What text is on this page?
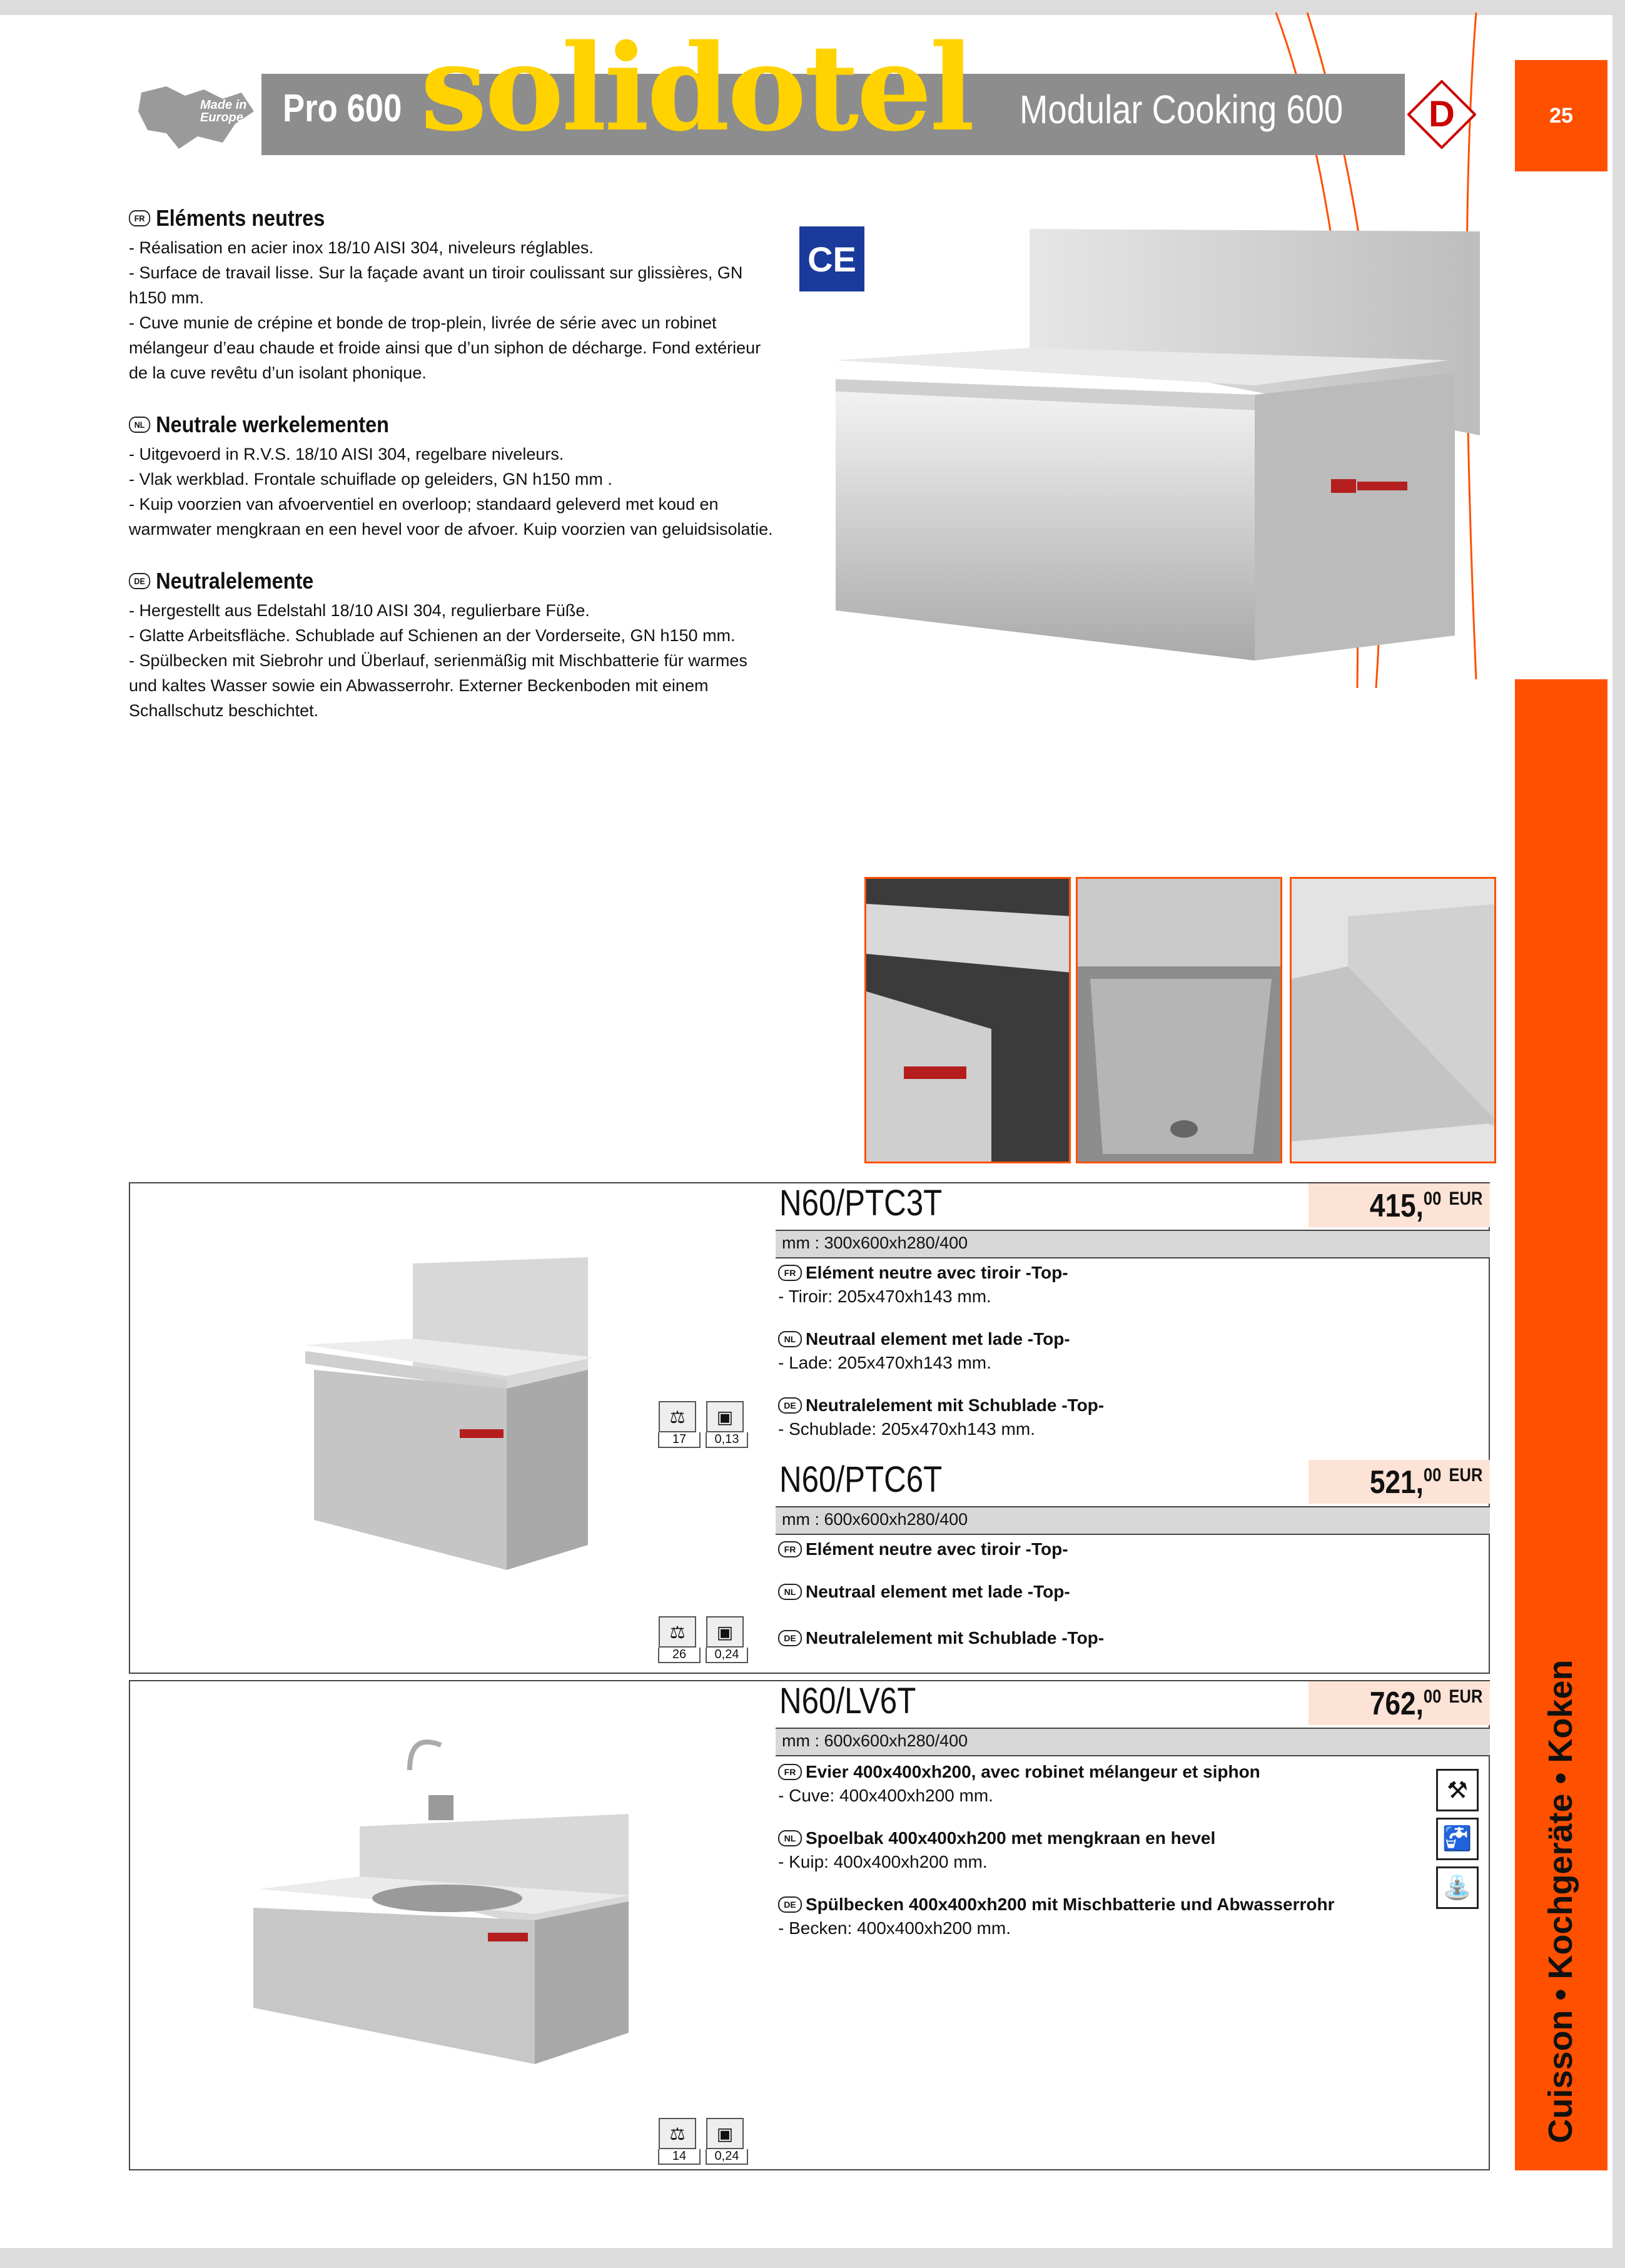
Made in Europe	Pro 600 solidotel Modular Cooking 600 D	25
FR Eléments neutres
- Réalisation en acier inox 18/10 AISI 304, niveleurs réglables.
- Surface de travail lisse. Sur la façade avant un tiroir coulissant sur glissières, GN
h150 mm.
- Cuve munie de crépine et bonde de trop-plein, livrée de série avec un robinet
mélangeur d’eau chaude et froide ainsi que d’un siphon de décharge. Fond extérieur
de la cuve revêtu d’un isolant phonique.
NL Neutrale werkelementen
- Uitgevoerd in R.V.S. 18/10 AISI 304, regelbare niveleurs.
- Vlak werkblad. Frontale schuiflade op geleiders, GN h150 mm .
- Kuip voorzien van afvoerventiel en overloop; standaard geleverd met koud en
warmwater mengkraan en een hevel voor de afvoer. Kuip voorzien van geluidsisolatie.
DE Neutralelemente
- Hergestellt aus Edelstahl 18/10 AISI 304, regulierbare Füße.
- Glatte Arbeitsfläche. Schublade auf Schienen an der Vorderseite, GN h150 mm.
- Spülbecken mit Siebrohr und Überlauf, serienmäßig mit Mischbatterie für warmes
und kaltes Wasser sowie ein Abwasserrohr. Externer Beckenboden mit einem
Schallschutz beschichtet.
CE
N60/PTC3T	415,00 $^{EUR}$
mm : 300x600xh280/400
FR Elément neutre avec tiroir -Top-
- Tiroir: 205x470xh143 mm.
NL Neutraal element met lade -Top-
- Lade: 205x470xh143 mm.
DE Neutralelement mit Schublade -Top-
- Schublade: 205x470xh143 mm.
⚖
17
▣
0,13
N60/PTC6T	521,00 $^{EUR}$
mm : 600x600xh280/400
FR Elément neutre avec tiroir -Top-
NL Neutraal element met lade -Top-
DE Neutralelement mit Schublade -Top-
⚖
26
▣
0,24
N60/LV6T	762,00 $^{EUR}$
mm : 600x600xh280/400
FR Evier 400x400xh200, avec robinet mélangeur et siphon
- Cuve: 400x400xh200 mm.
NL Spoelbak 400x400xh200 met mengkraan en hevel
- Kuip: 400x400xh200 mm.
DE Spülbecken 400x400xh200 mit Mischbatterie und Abwasserrohr
- Becken: 400x400xh200 mm.
⚖
14
▣
0,24
⚒
🚰
⛲ Cuisson • Kochgeräte • Koken
